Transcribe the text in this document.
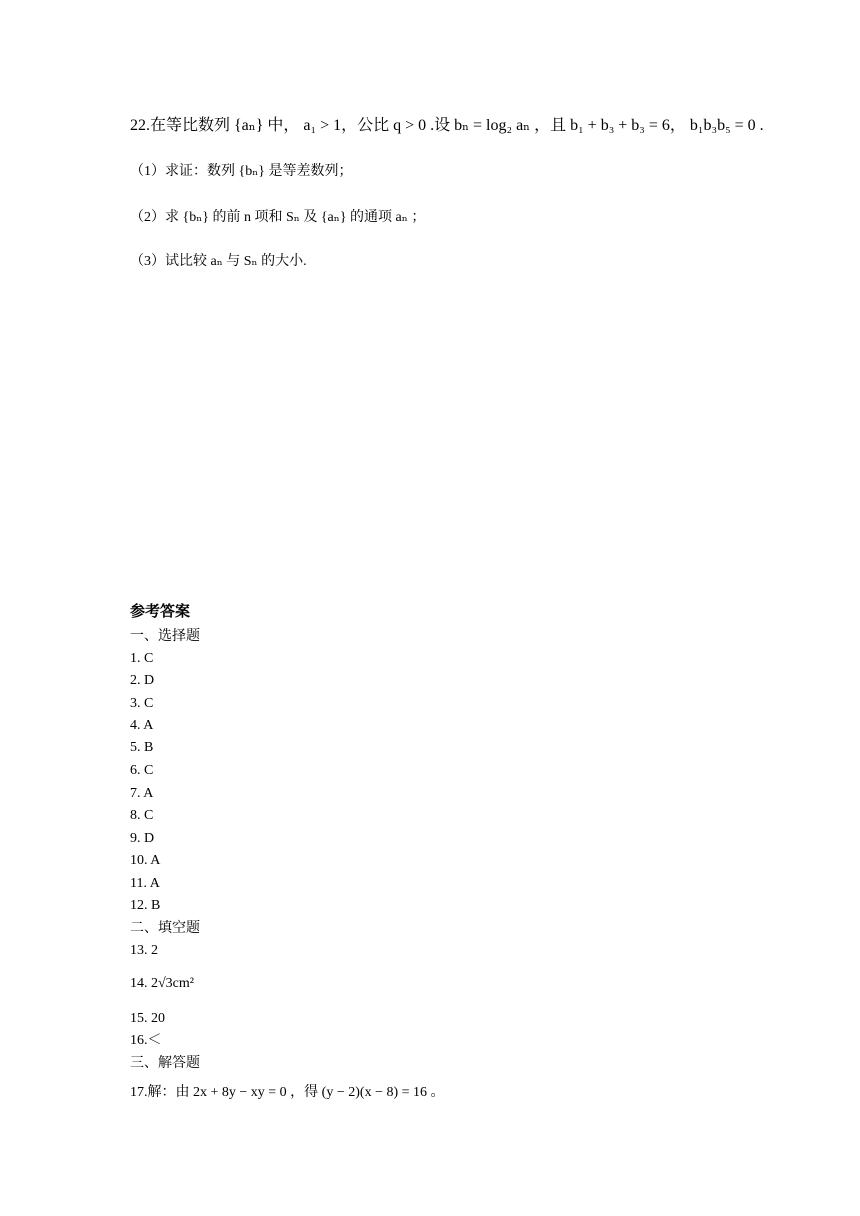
22.在等比数列 {aₙ} 中， a₁ > 1，公比 q > 0 .设 bₙ = log₂ aₙ ，且 b₁ + b₃ + b₃ = 6， b₁b₃b₅ = 0 .
（1）求证：数列 {bₙ} 是等差数列；
（2）求 {bₙ} 的前 n 项和 Sₙ 及 {aₙ} 的通项 aₙ ；
（3）试比较 aₙ 与 Sₙ 的大小.
参考答案
一、选择题
1. C
2. D
3. C
4. A
5. B
6. C
7. A
8. C
9. D
10. A
11. A
12. B
二、填空题
13. 2
14. 2√3cm²
15. 20
16.＜
三、解答题
17.解：由 2x + 8y − xy = 0 ，得 (y − 2)(x − 8) = 16 。
